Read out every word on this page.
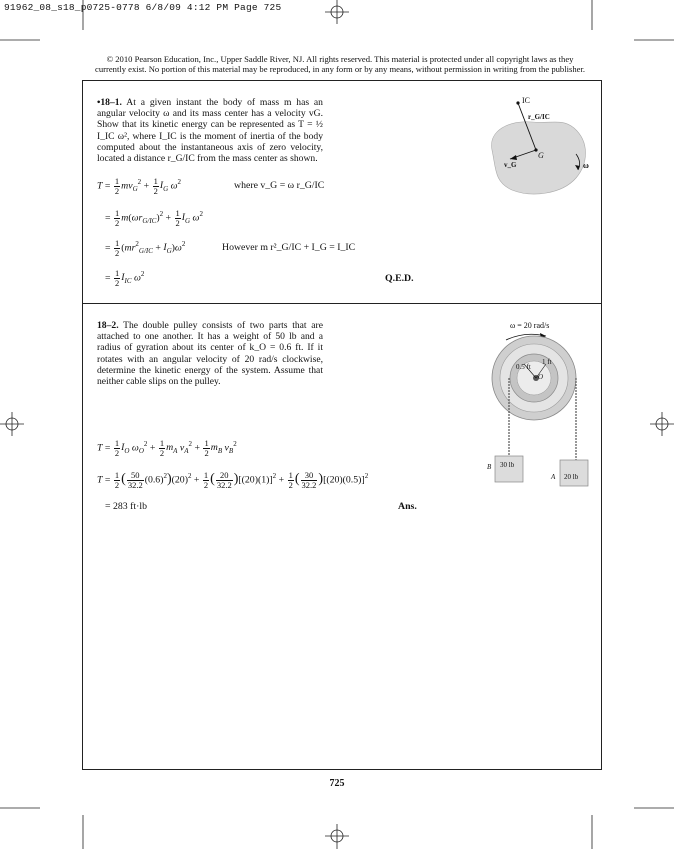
91962_08_s18_p0725-0778 6/8/09 4:12 PM Page 725
© 2010 Pearson Education, Inc., Upper Saddle River, NJ. All rights reserved. This material is protected under all copyright laws as they currently exist. No portion of this material may be reproduced, in any form or by any means, without permission in writing from the publisher.
•18–1. At a given instant the body of mass m has an angular velocity ω and its mass center has a velocity vG. Show that its kinetic energy can be represented as T = ½ I_IC ω², where I_IC is the moment of inertia of the body computed about the instantaneous axis of zero velocity, located a distance r_G/IC from the mass center as shown.
$T = \frac{1}{2} mv_G^2 + \frac{1}{2} I_G$ $\omega^2$	where v_G = ω r_G/IC
= $\frac{1}{2} m(\omega r_{G/IC})^2 + \frac{1}{2} I_G$ $\omega^2$
= $\frac{1}{2} (mr^2_{G/IC} + I_G)\omega^2$	However m r²_G/IC + I_G = I_IC
= $\frac{1}{2} I_{IC}$ $\omega^2$	Q.E.D.
IC
r_G/IC
v_G
G
ω
18–2. The double pulley consists of two parts that are attached to one another. It has a weight of 50 lb and a radius of gyration about its center of k_O = 0.6 ft. If it rotates with an angular velocity of 20 rad/s clockwise, determine the kinetic energy of the system. Assume that neither cable slips on the pulley.
$T = \frac{1}{2} I_O$ $\omega_O^2 + \frac{1}{2} m_A$ $v_A^2 + \frac{1}{2} m_B$ $v_B^2$
$T = \frac{1}{2}$ ( $\frac{50}{32.2} (0.6)^2)(20)^2 + \frac{1}{2}$ ( $\frac{20}{32.2} )[(20)(1)]^2 + \frac{1}{2}$ ( $\frac{30}{32.2} )[(20)(0.5)]^2$
= 283 ft·lb	Ans.
ω = 20 rad/s
0.5 ft
1 ft
O
30 lb
B
20 lb
A
725
